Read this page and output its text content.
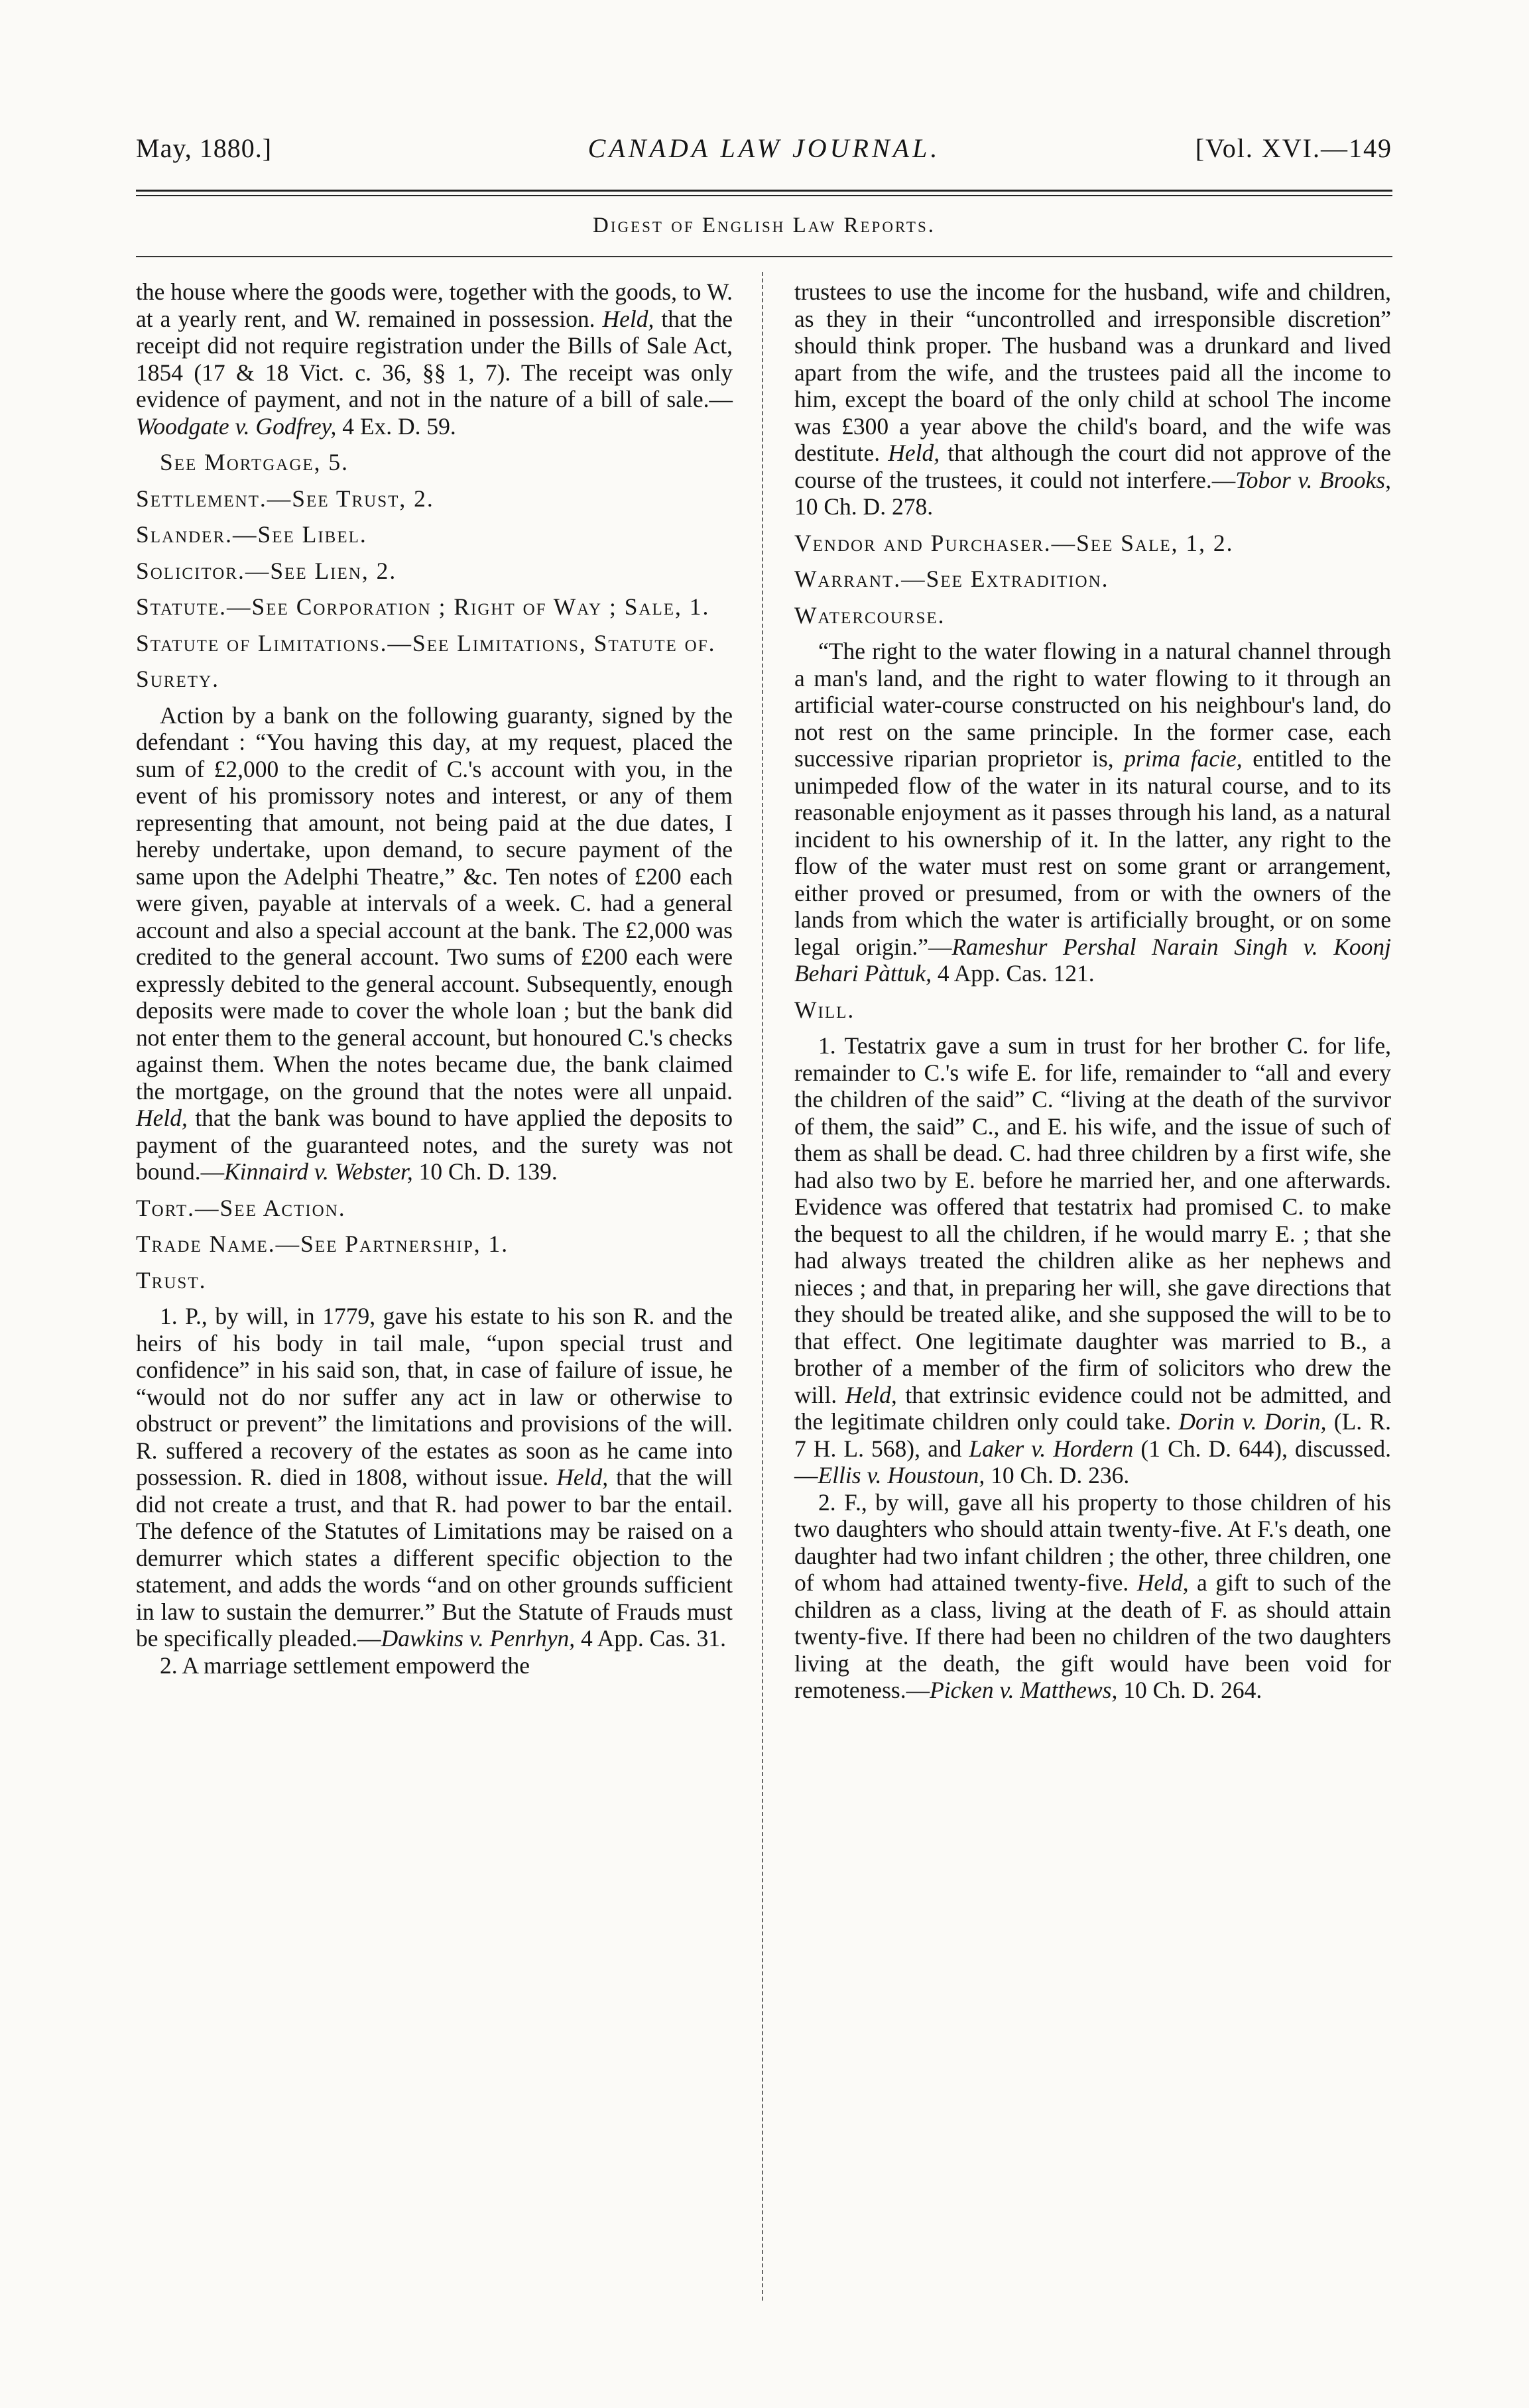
May, 1880.]	CANADA LAW JOURNAL.	[Vol. XVI.—149
Digest of English Law Reports.

the house where the goods were, together with the goods, to W. at a yearly rent, and W. remained in possession. Held, that the receipt did not require registration under the Bills of Sale Act, 1854 (17 & 18 Vict. c. 36, §§ 1, 7). The receipt was only evidence of payment, and not in the nature of a bill of sale.—Woodgate v. Godfrey, 4 Ex. D. 59.

See Mortgage, 5.

Settlement.—See Trust, 2.

Slander.—See Libel.

Solicitor.—See Lien, 2.

Statute.—See Corporation ; Right of Way ; Sale, 1.

Statute of Limitations.—See Limitations, Statute of.

Surety.

Action by a bank on the following guaranty, signed by the defendant : “You having this day, at my request, placed the sum of £2,000 to the credit of C.'s account with you, in the event of his promissory notes and interest, or any of them representing that amount, not being paid at the due dates, I hereby undertake, upon demand, to secure payment of the same upon the Adelphi Theatre,” &c. Ten notes of £200 each were given, payable at intervals of a week. C. had a general account and also a special account at the bank. The £2,000 was credited to the general account. Two sums of £200 each were expressly debited to the general account. Subsequently, enough deposits were made to cover the whole loan ; but the bank did not enter them to the general account, but honoured C.'s checks against them. When the notes became due, the bank claimed the mortgage, on the ground that the notes were all unpaid. Held, that the bank was bound to have applied the deposits to payment of the guaranteed notes, and the surety was not bound.—Kinnaird v. Webster, 10 Ch. D. 139.

Tort.—See Action.

Trade Name.—See Partnership, 1.

Trust.

1. P., by will, in 1779, gave his estate to his son R. and the heirs of his body in tail male, “upon special trust and confidence” in his said son, that, in case of failure of issue, he “would not do nor suffer any act in law or otherwise to obstruct or prevent” the limitations and provisions of the will. R. suffered a recovery of the estates as soon as he came into possession. R. died in 1808, without issue. Held, that the will did not create a trust, and that R. had power to bar the entail. The defence of the Statutes of Limitations may be raised on a demurrer which states a different specific objection to the statement, and adds the words “and on other grounds sufficient in law to sustain the demurrer.” But the Statute of Frauds must be specifically pleaded.—Dawkins v. Penrhyn, 4 App. Cas. 31.

2. A marriage settlement empowerd the

trustees to use the income for the husband, wife and children, as they in their “uncontrolled and irresponsible discretion” should think proper. The husband was a drunkard and lived apart from the wife, and the trustees paid all the income to him, except the board of the only child at school The income was £300 a year above the child's board, and the wife was destitute. Held, that although the court did not approve of the course of the trustees, it could not interfere.—Tobor v. Brooks, 10 Ch. D. 278.

Vendor and Purchaser.—See Sale, 1, 2.

Warrant.—See Extradition.

Watercourse.

“The right to the water flowing in a natural channel through a man's land, and the right to water flowing to it through an artificial water-course constructed on his neighbour's land, do not rest on the same principle. In the former case, each successive riparian proprietor is, prima facie, entitled to the unimpeded flow of the water in its natural course, and to its reasonable enjoyment as it passes through his land, as a natural incident to his ownership of it. In the latter, any right to the flow of the water must rest on some grant or arrangement, either proved or presumed, from or with the owners of the lands from which the water is artificially brought, or on some legal origin.”—Rameshur Pershal Narain Singh v. Koonj Behari Pàttuk, 4 App. Cas. 121.

Will.

1. Testatrix gave a sum in trust for her brother C. for life, remainder to C.'s wife E. for life, remainder to “all and every the children of the said” C. “living at the death of the survivor of them, the said” C., and E. his wife, and the issue of such of them as shall be dead. C. had three children by a first wife, she had also two by E. before he married her, and one afterwards. Evidence was offered that testatrix had promised C. to make the bequest to all the children, if he would marry E. ; that she had always treated the children alike as her nephews and nieces ; and that, in preparing her will, she gave directions that they should be treated alike, and she supposed the will to be to that effect. One legitimate daughter was married to B., a brother of a member of the firm of solicitors who drew the will. Held, that extrinsic evidence could not be admitted, and the legitimate children only could take. Dorin v. Dorin, (L. R. 7 H. L. 568), and Laker v. Hordern (1 Ch. D. 644), discussed.—Ellis v. Houstoun, 10 Ch. D. 236.

2. F., by will, gave all his property to those children of his two daughters who should attain twenty-five. At F.'s death, one daughter had two infant children ; the other, three children, one of whom had attained twenty-five. Held, a gift to such of the children as a class, living at the death of F. as should attain twenty-five. If there had been no children of the two daughters living at the death, the gift would have been void for remoteness.—Picken v. Matthews, 10 Ch. D. 264.
